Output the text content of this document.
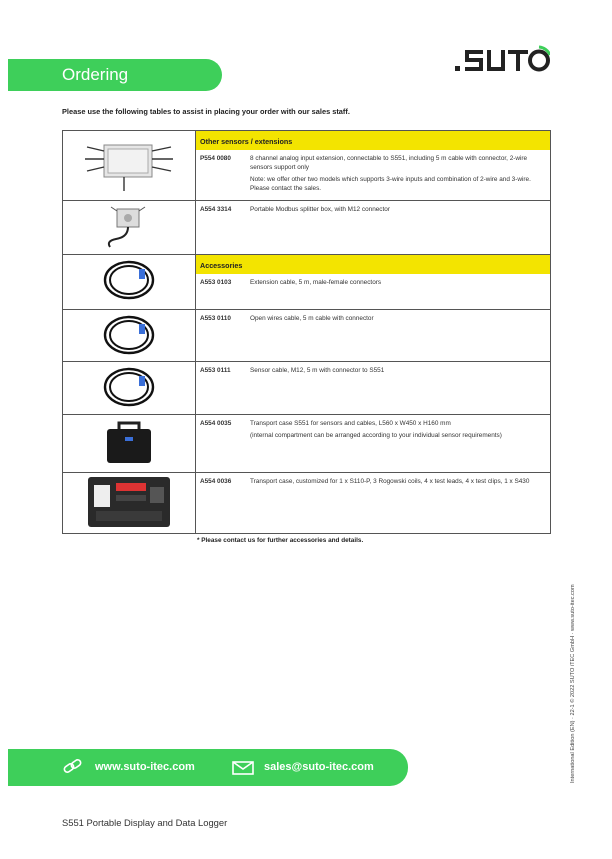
Ordering
Please use the following tables to assist in placing your order with our sales staff.

Other sensors / extensions
P554 0080 8 channel analog input extension, connectable to S551, including 5 m cable with connector, 2-wire sensors support only

Note: we offer other two models which supports 3-wire inputs and combination of 2-wire and 3-wire. Please contact the sales.

A554 3314 Portable Modbus splitter box, with M12 connector

Accessories
A553 0103 Extension cable, 5 m, male-female connectors

A553 0110 Open wires cable, 5 m cable with connector

A553 0111 Sensor cable, M12, 5 m with connector to S551

A554 0035 Transport case S551 for sensors and cables, L560 x W450 x H160 mm

(internal compartment can be arranged according to your individual sensor requirements)

A554 0036 Transport case, customized for 1 x S110-P, 3 Rogowski coils, 4 x test leads, 4 x test clips, 1 x S430
* Please contact us for further accessories and details.
International Edition (EN) · 22-1 © 2022 SUTO iTEC GmbH · www.suto-itec.com
www.suto-itec.com	sales@suto-itec.com
S551 Portable Display and Data Logger
